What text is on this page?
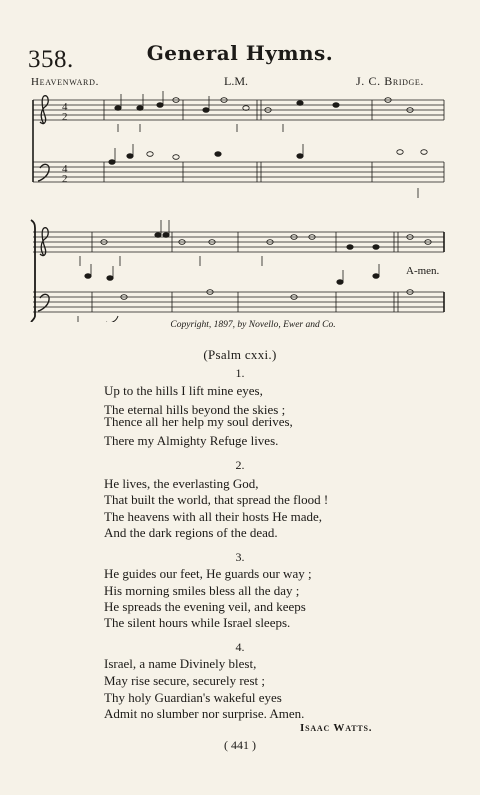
358.	General Hymns.
Heavenward.	L.M.	J. C. Bridge.
4
2
4
2
A-men.
Copyright, 1897, by Novello, Ewer and Co.
(Psalm cxxi.)
1.
Up to the hills I lift mine eyes,
The eternal hills beyond the skies ;
Thence all her help my soul derives,
There my Almighty Refuge lives.
2.
He lives, the everlasting God,
That built the world, that spread the flood !
The heavens with all their hosts He made,
And the dark regions of the dead.
3.
He guides our feet, He guards our way ;
His morning smiles bless all the day ;
He spreads the evening veil, and keeps
The silent hours while Israel sleeps.
4.
Israel, a name Divinely blest,
May rise secure, securely rest ;
Thy holy Guardian's wakeful eyes
Admit no slumber nor surprise. Amen.
Isaac Watts.
( 441 )
